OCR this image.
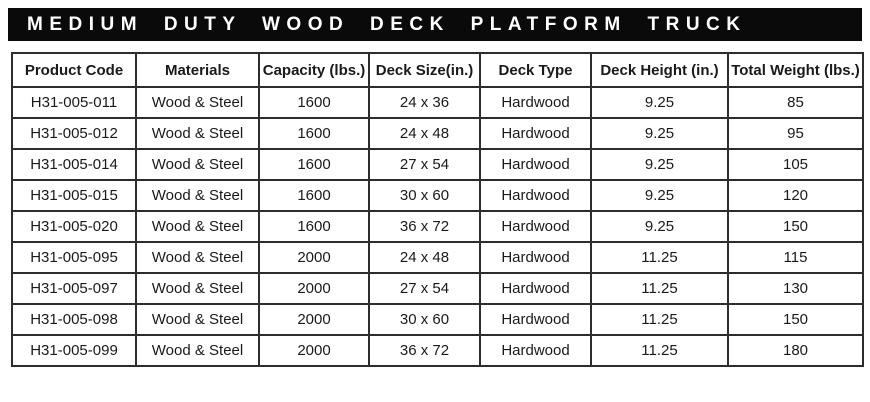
MEDIUM DUTY WOOD DECK PLATFORM TRUCK
Product Code	Materials	Capacity (lbs.)	Deck Size(in.)	Deck Type	Deck Height (in.)	Total Weight (lbs.)
H31-005-011	Wood & Steel	1600	24 x 36	Hardwood	9.25	85
H31-005-012	Wood & Steel	1600	24 x 48	Hardwood	9.25	95
H31-005-014	Wood & Steel	1600	27 x 54	Hardwood	9.25	105
H31-005-015	Wood & Steel	1600	30 x 60	Hardwood	9.25	120
H31-005-020	Wood & Steel	1600	36 x 72	Hardwood	9.25	150
H31-005-095	Wood & Steel	2000	24 x 48	Hardwood	11.25	115
H31-005-097	Wood & Steel	2000	27 x 54	Hardwood	11.25	130
H31-005-098	Wood & Steel	2000	30 x 60	Hardwood	11.25	150
H31-005-099	Wood & Steel	2000	36 x 72	Hardwood	11.25	180
